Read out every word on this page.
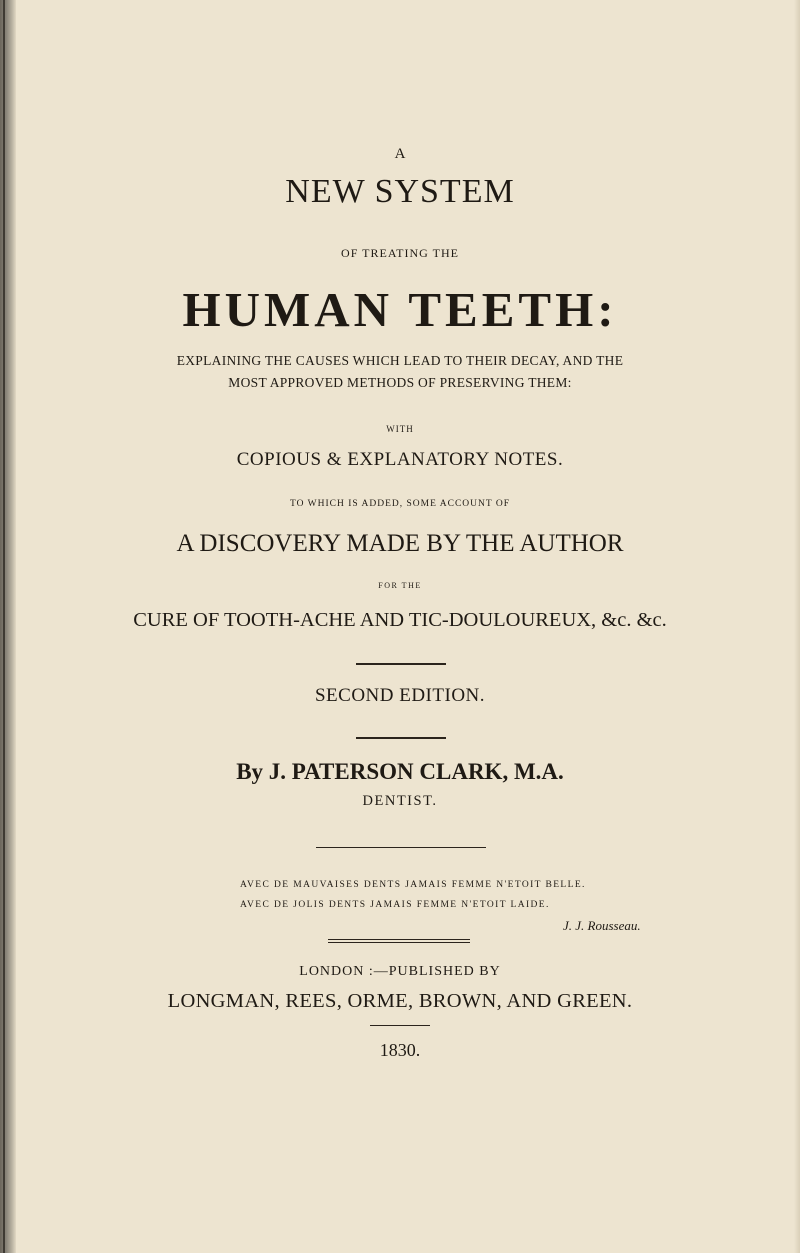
A
NEW SYSTEM
OF TREATING THE
HUMAN TEETH:
EXPLAINING THE CAUSES WHICH LEAD TO THEIR DECAY, AND THE
MOST APPROVED METHODS OF PRESERVING THEM:
WITH
COPIOUS & EXPLANATORY NOTES.
TO WHICH IS ADDED, SOME ACCOUNT OF
A DISCOVERY MADE BY THE AUTHOR
FOR THE
CURE OF TOOTH-ACHE AND TIC-DOULOUREUX, &c. &c.
SECOND EDITION.
By J. PATERSON CLARK, M.A.
DENTIST.
AVEC DE MAUVAISES DENTS JAMAIS FEMME N'ETOIT BELLE.
AVEC DE JOLIS DENTS JAMAIS FEMME N'ETOIT LAIDE.
J. J. Rousseau.
LONDON :—PUBLISHED BY
LONGMAN, REES, ORME, BROWN, AND GREEN.
1830.
